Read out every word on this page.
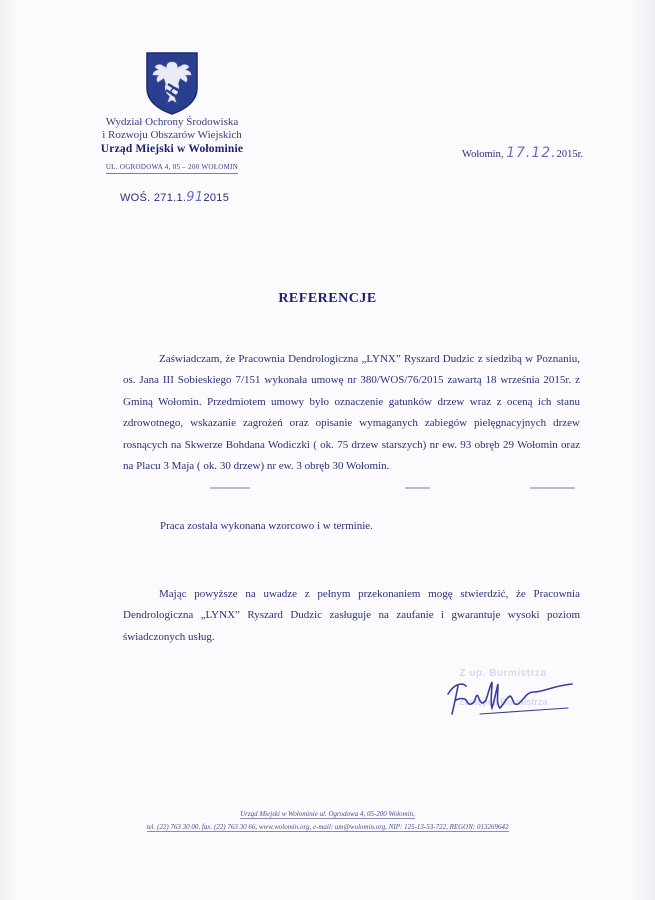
Wydział Ochrony Środowiska
i Rozwoju Obszarów Wiejskich
Urząd Miejski w Wołominie
UL. OGRODOWA 4, 05 – 200 WOŁOMIN
WOŚ. 271.1.912015
Wołomin, 17.12.2015r.
REFERENCJE
Zaświadczam, że Pracownia Dendrologiczna „LYNX” Ryszard Dudzic z siedzibą w Poznaniu, os. Jana III Sobieskiego 7/151 wykonała umowę nr 380/WOS/76/2015 zawartą 18 września 2015r. z Gminą Wołomin. Przedmiotem umowy było oznaczenie gatunków drzew wraz z oceną ich stanu zdrowotnego, wskazanie zagrożeń oraz opisanie wymaganych zabiegów pielęgnacyjnych drzew rosnących na Skwerze Bohdana Wodiczki ( ok. 75 drzew starszych) nr ew. 93 obręb 29 Wołomin oraz na Placu 3 Maja ( ok. 30 drzew) nr ew. 3 obręb 30 Wołomin.
Praca została wykonana wzorcowo i w terminie.
Mając powyższe na uwadze z pełnym przekonaniem mogę stwierdzić, że Pracownia Dendrologiczna „LYNX” Ryszard Dudzic zasługuje na zaufanie i gwarantuje wysoki poziom świadczonych usług.
Z up. Burmistrza
Zastępca Burmistrza
Urząd Miejski w Wołominie ul. Ogrodowa 4, 05-200 Wołomin,
tel. (22) 763 30 00, fax. (22) 763 30 66, www.wolomin.org, e-mail: um@wolomin.org, NIP: 125-13-53-722, REGON: 013269642
